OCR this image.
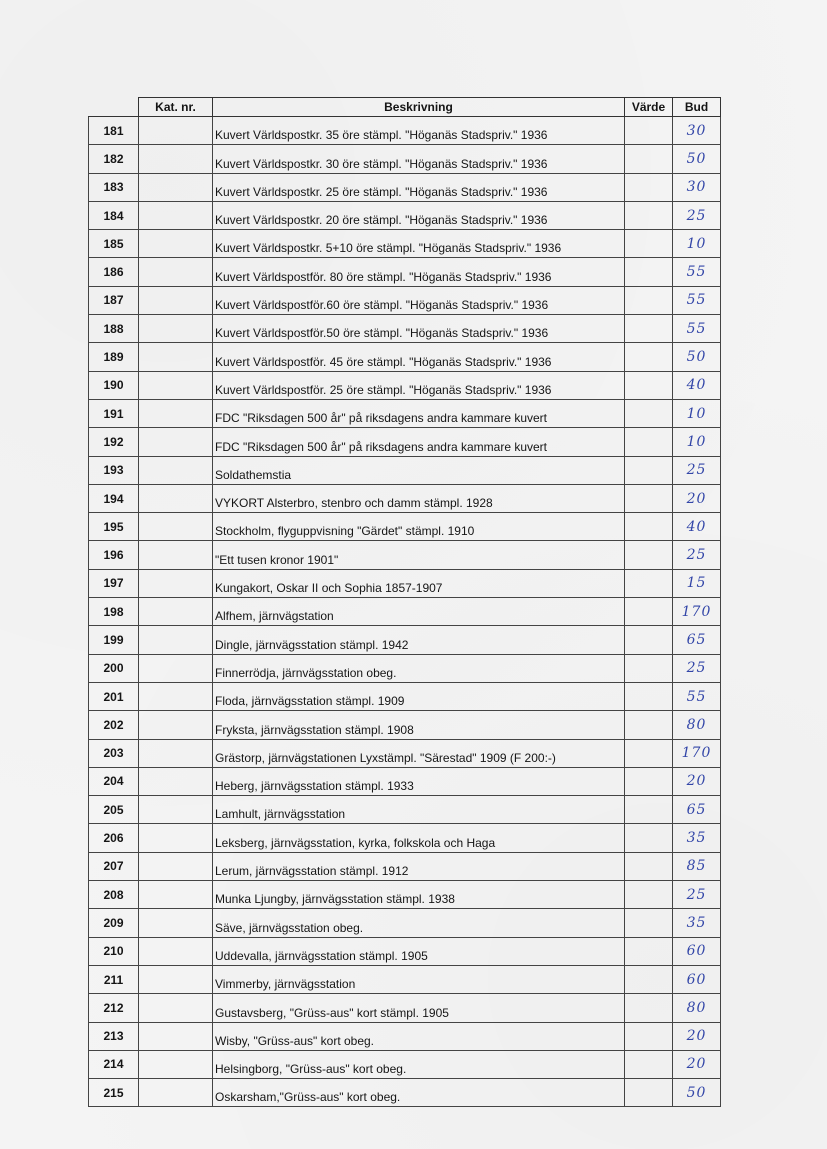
	Kat. nr.	Beskrivning	Värde	Bud
181		Kuvert Världspostkr. 35 öre stämpl. "Höganäs Stadspriv." 1936		30
182		Kuvert Världspostkr. 30 öre stämpl. "Höganäs Stadspriv." 1936		50
183		Kuvert Världspostkr. 25 öre stämpl. "Höganäs Stadspriv." 1936		30
184		Kuvert Världspostkr. 20 öre stämpl. "Höganäs Stadspriv." 1936		25
185		Kuvert Världspostkr. 5+10 öre stämpl. "Höganäs Stadspriv." 1936		10
186		Kuvert Världspostför. 80 öre stämpl. "Höganäs Stadspriv." 1936		55
187		Kuvert Världspostför.60 öre stämpl. "Höganäs Stadspriv." 1936		55
188		Kuvert Världspostför.50 öre stämpl. "Höganäs Stadspriv." 1936		55
189		Kuvert Världspostför. 45 öre stämpl. "Höganäs Stadspriv." 1936		50
190		Kuvert Världspostför. 25 öre stämpl. "Höganäs Stadspriv." 1936		40
191		FDC "Riksdagen 500 år" på riksdagens andra kammare kuvert		10
192		FDC "Riksdagen 500 år" på riksdagens andra kammare kuvert		10
193		Soldathemstia		25
194		VYKORT Alsterbro, stenbro och damm stämpl. 1928		20
195		Stockholm, flyguppvisning "Gärdet" stämpl. 1910		40
196		"Ett tusen kronor 1901"		25
197		Kungakort, Oskar II och Sophia 1857-1907		15
198		Alfhem, järnvägstation		170
199		Dingle, järnvägsstation stämpl. 1942		65
200		Finnerrödja, järnvägsstation obeg.		25
201		Floda, järnvägsstation stämpl. 1909		55
202		Fryksta, järnvägsstation stämpl. 1908		80
203		Grästorp, järnvägstationen Lyxstämpl. "Särestad" 1909 (F 200:-)		170
204		Heberg, järnvägsstation stämpl. 1933		20
205		Lamhult, järnvägsstation		65
206		Leksberg, järnvägsstation, kyrka, folkskola och Haga		35
207		Lerum, järnvägsstation stämpl. 1912		85
208		Munka Ljungby, järnvägsstation stämpl. 1938		25
209		Säve, järnvägsstation obeg.		35
210		Uddevalla, järnvägsstation stämpl. 1905		60
211		Vimmerby, järnvägsstation		60
212		Gustavsberg, "Grüss-aus" kort stämpl. 1905		80
213		Wisby, "Grüss-aus" kort obeg.		20
214		Helsingborg, "Grüss-aus" kort obeg.		20
215		Oskarsham,"Grüss-aus" kort obeg.		50
